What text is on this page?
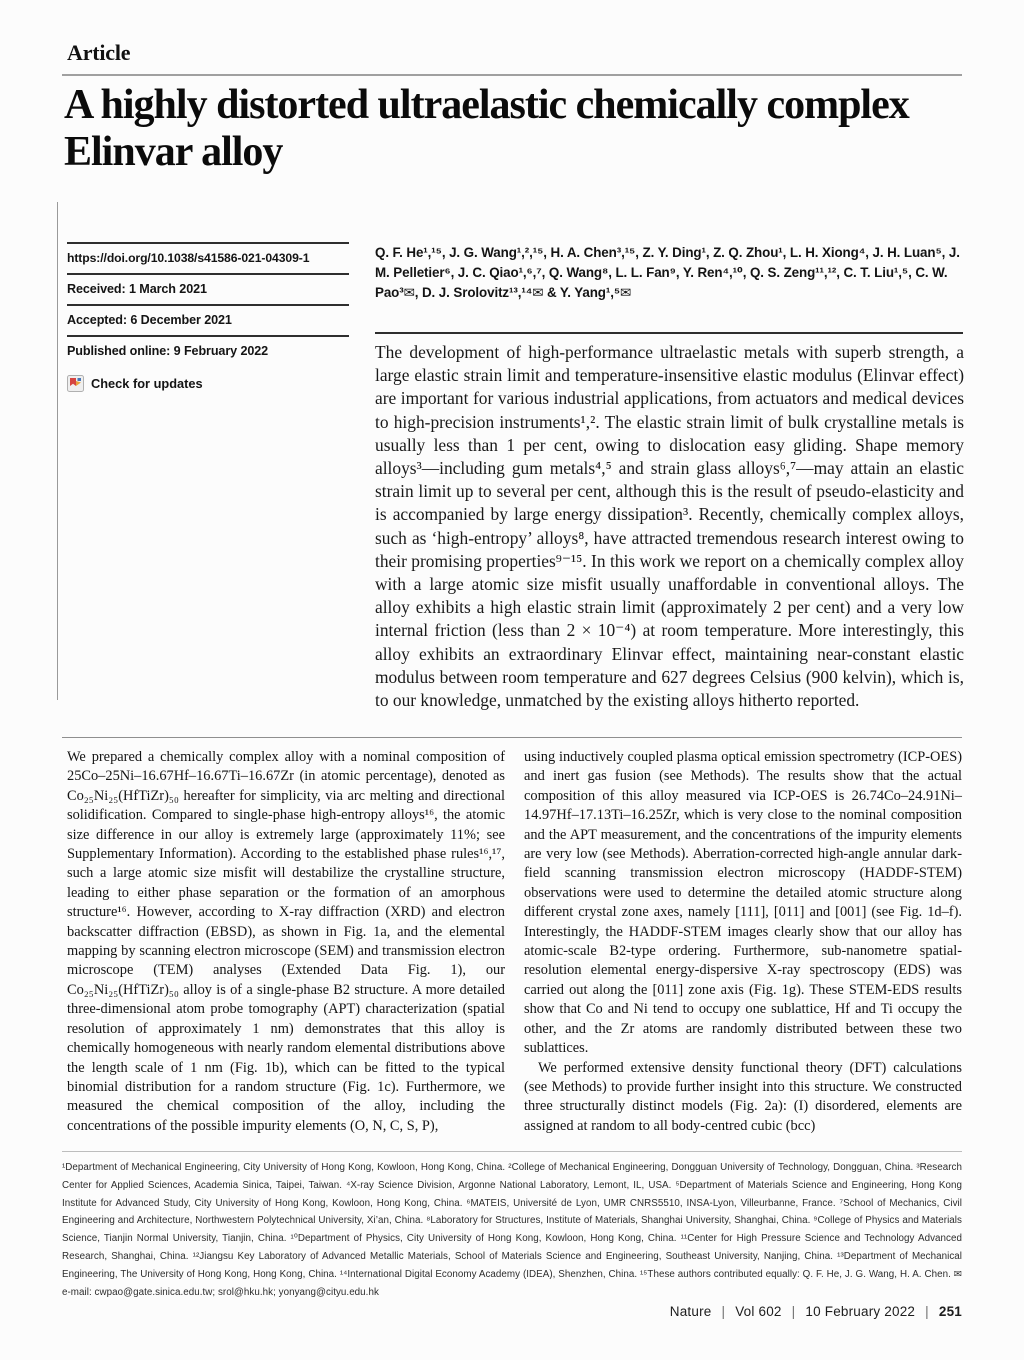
Article
A highly distorted ultraelastic chemically complex Elinvar alloy
https://doi.org/10.1038/s41586-021-04309-1
Received: 1 March 2021
Accepted: 6 December 2021
Published online: 9 February 2022
Check for updates
Q. F. He¹,¹⁵, J. G. Wang¹,²,¹⁵, H. A. Chen³,¹⁵, Z. Y. Ding¹, Z. Q. Zhou¹, L. H. Xiong⁴, J. H. Luan⁵, J. M. Pelletier⁶, J. C. Qiao¹,⁶,⁷, Q. Wang⁸, L. L. Fan⁹, Y. Ren⁴,¹⁰, Q. S. Zeng¹¹,¹², C. T. Liu¹,⁵, C. W. Pao³✉, D. J. Srolovitz¹³,¹⁴✉ & Y. Yang¹,⁵✉
The development of high-performance ultraelastic metals with superb strength, a large elastic strain limit and temperature-insensitive elastic modulus (Elinvar effect) are important for various industrial applications, from actuators and medical devices to high-precision instruments¹,². The elastic strain limit of bulk crystalline metals is usually less than 1 per cent, owing to dislocation easy gliding. Shape memory alloys³—including gum metals⁴,⁵ and strain glass alloys⁶,⁷—may attain an elastic strain limit up to several per cent, although this is the result of pseudo-elasticity and is accompanied by large energy dissipation³. Recently, chemically complex alloys, such as ‘high-entropy’ alloys⁸, have attracted tremendous research interest owing to their promising properties⁹⁻¹⁵. In this work we report on a chemically complex alloy with a large atomic size misfit usually unaffordable in conventional alloys. The alloy exhibits a high elastic strain limit (approximately 2 per cent) and a very low internal friction (less than 2 × 10⁻⁴) at room temperature. More interestingly, this alloy exhibits an extraordinary Elinvar effect, maintaining near-constant elastic modulus between room temperature and 627 degrees Celsius (900 kelvin), which is, to our knowledge, unmatched by the existing alloys hitherto reported.

We prepared a chemically complex alloy with a nominal composition of 25Co–25Ni–16.67Hf–16.67Ti–16.67Zr (in atomic percentage), denoted as Co₂₅Ni₂₅(HfTiZr)₅₀ hereafter for simplicity, via arc melting and directional solidification. Compared to single-phase high-entropy alloys¹⁶, the atomic size difference in our alloy is extremely large (approximately 11%; see Supplementary Information). According to the established phase rules¹⁶,¹⁷, such a large atomic size misfit will destabilize the crystalline structure, leading to either phase separation or the formation of an amorphous structure¹⁶. However, according to X-ray diffraction (XRD) and electron backscatter diffraction (EBSD), as shown in Fig. 1a, and the elemental mapping by scanning electron microscope (SEM) and transmission electron microscope (TEM) analyses (Extended Data Fig. 1), our Co₂₅Ni₂₅(HfTiZr)₅₀ alloy is of a single-phase B2 structure. A more detailed three-dimensional atom probe tomography (APT) characterization (spatial resolution of approximately 1 nm) demonstrates that this alloy is chemically homogeneous with nearly random elemental distributions above the length scale of 1 nm (Fig. 1b), which can be fitted to the typical binomial distribution for a random structure (Fig. 1c). Furthermore, we measured the chemical composition of the alloy, including the concentrations of the possible impurity elements (O, N, C, S, P),

using inductively coupled plasma optical emission spectrometry (ICP-OES) and inert gas fusion (see Methods). The results show that the actual composition of this alloy measured via ICP-OES is 26.74Co–24.91Ni–14.97Hf–17.13Ti–16.25Zr, which is very close to the nominal composition and the APT measurement, and the concentrations of the impurity elements are very low (see Methods). Aberration-corrected high-angle annular dark-field scanning transmission electron microscopy (HADDF-STEM) observations were used to determine the detailed atomic structure along different crystal zone axes, namely [111], [011] and [001] (see Fig. 1d–f). Interestingly, the HADDF-STEM images clearly show that our alloy has atomic-scale B2-type ordering. Furthermore, sub-nanometre spatial-resolution elemental energy-dispersive X-ray spectroscopy (EDS) was carried out along the [011] zone axis (Fig. 1g). These STEM-EDS results show that Co and Ni tend to occupy one sublattice, Hf and Ti occupy the other, and the Zr atoms are randomly distributed between these two sublattices.

We performed extensive density functional theory (DFT) calculations (see Methods) to provide further insight into this structure. We constructed three structurally distinct models (Fig. 2a): (I) disordered, elements are assigned at random to all body-centred cubic (bcc)

¹Department of Mechanical Engineering, City University of Hong Kong, Kowloon, Hong Kong, China. ²College of Mechanical Engineering, Dongguan University of Technology, Dongguan, China. ³Research Center for Applied Sciences, Academia Sinica, Taipei, Taiwan. ⁴X-ray Science Division, Argonne National Laboratory, Lemont, IL, USA. ⁵Department of Materials Science and Engineering, Hong Kong Institute for Advanced Study, City University of Hong Kong, Kowloon, Hong Kong, China. ⁶MATEIS, Université de Lyon, UMR CNRS5510, INSA-Lyon, Villeurbanne, France. ⁷School of Mechanics, Civil Engineering and Architecture, Northwestern Polytechnical University, Xi’an, China. ⁸Laboratory for Structures, Institute of Materials, Shanghai University, Shanghai, China. ⁹College of Physics and Materials Science, Tianjin Normal University, Tianjin, China. ¹⁰Department of Physics, City University of Hong Kong, Kowloon, Hong Kong, China. ¹¹Center for High Pressure Science and Technology Advanced Research, Shanghai, China. ¹²Jiangsu Key Laboratory of Advanced Metallic Materials, School of Materials Science and Engineering, Southeast University, Nanjing, China. ¹³Department of Mechanical Engineering, The University of Hong Kong, Hong Kong, China. ¹⁴International Digital Economy Academy (IDEA), Shenzhen, China. ¹⁵These authors contributed equally: Q. F. He, J. G. Wang, H. A. Chen. ✉e-mail: cwpao@gate.sinica.edu.tw; srol@hku.hk; yonyang@cityu.edu.hk
Nature | Vol 602 | 10 February 2022 | 251
